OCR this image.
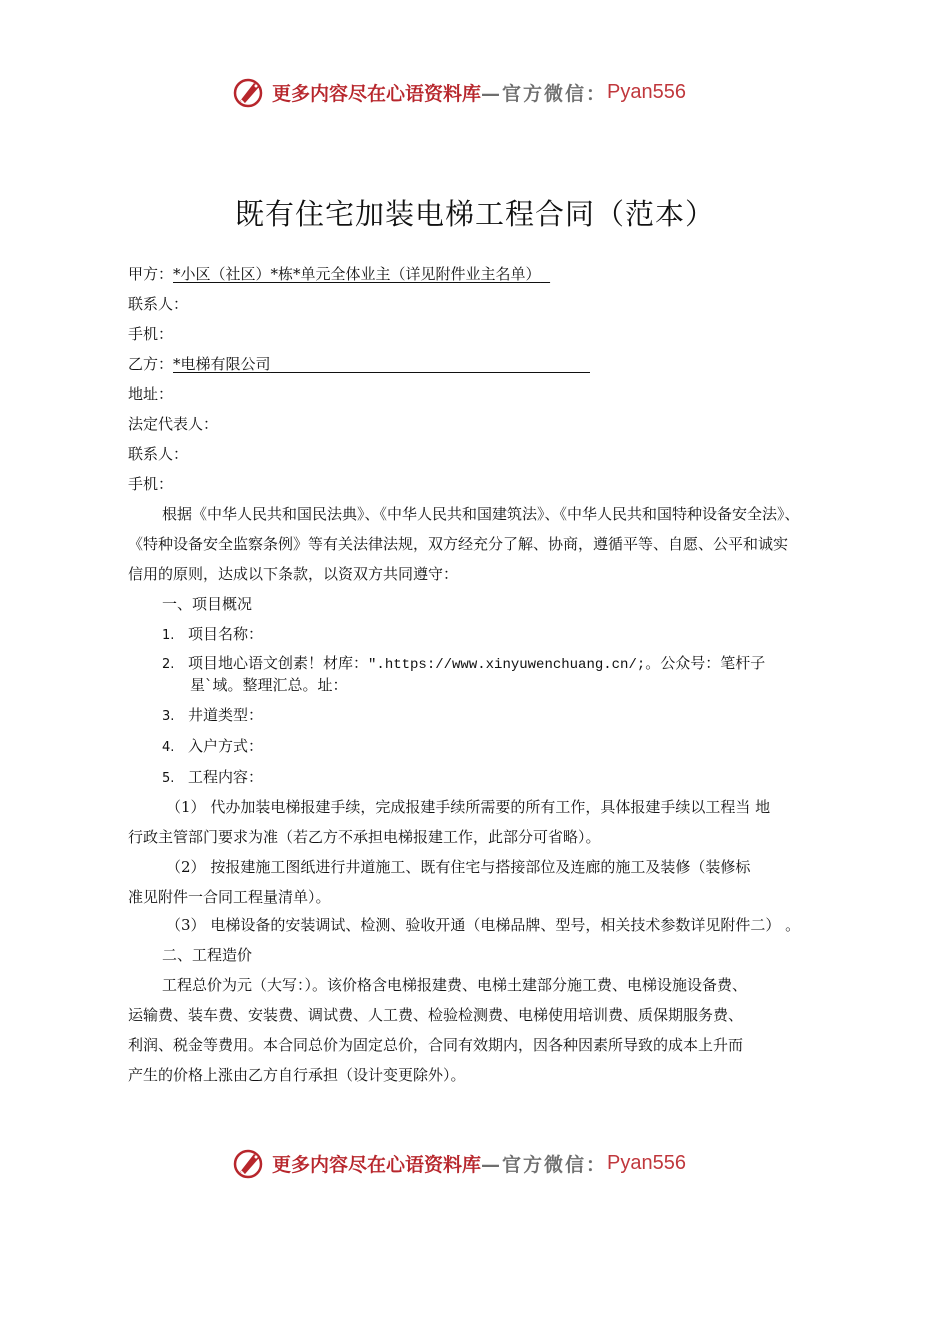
更多内容尽在心语资料库 —官方微信： Pyan556
既有住宅加装电梯工程合同（范本）
甲方：*小区（社区）*栋*单元全体业主（详见附件业主名单）
联系人：
手机：
乙方：*电梯有限公司
地址：
法定代表人：
联系人：
手机：
根据《中华人民共和国民法典》、《中华人民共和国建筑法》、《中华人民共和国特种设备安全法》、
《特种设备安全监察条例》等有关法律法规，双方经充分了解、协商，遵循平等、自愿、公平和诚实
信用的原则，达成以下条款，以资双方共同遵守：
一、项目概况
1. 项目名称：
2. 项目地心语文创素！材库：".https://www.xinyuwenchuang.cn/;。公众号：笔杆子
星`域。整理汇总。址：
3. 井道类型：
4. 入户方式：
5. 工程内容：
（1） 代办加装电梯报建手续，完成报建手续所需要的所有工作，具体报建手续以工程当 地
行政主管部门要求为准（若乙方不承担电梯报建工作，此部分可省略）。
（2） 按报建施工图纸进行井道施工、既有住宅与搭接部位及连廊的施工及装修（装修标
准见附件一合同工程量清单）。
（3） 电梯设备的安装调试、检测、验收开通（电梯品牌、型号，相关技术参数详见附件二） 。
二、工程造价
工程总价为元（大写：）。该价格含电梯报建费、电梯土建部分施工费、电梯设施设备费、
运输费、装车费、安装费、调试费、人工费、检验检测费、电梯使用培训费、质保期服务费、
利润、税金等费用。本合同总价为固定总价，合同有效期内，因各种因素所导致的成本上升而
产生的价格上涨由乙方自行承担（设计变更除外）。
更多内容尽在心语资料库 —官方微信： Pyan556
